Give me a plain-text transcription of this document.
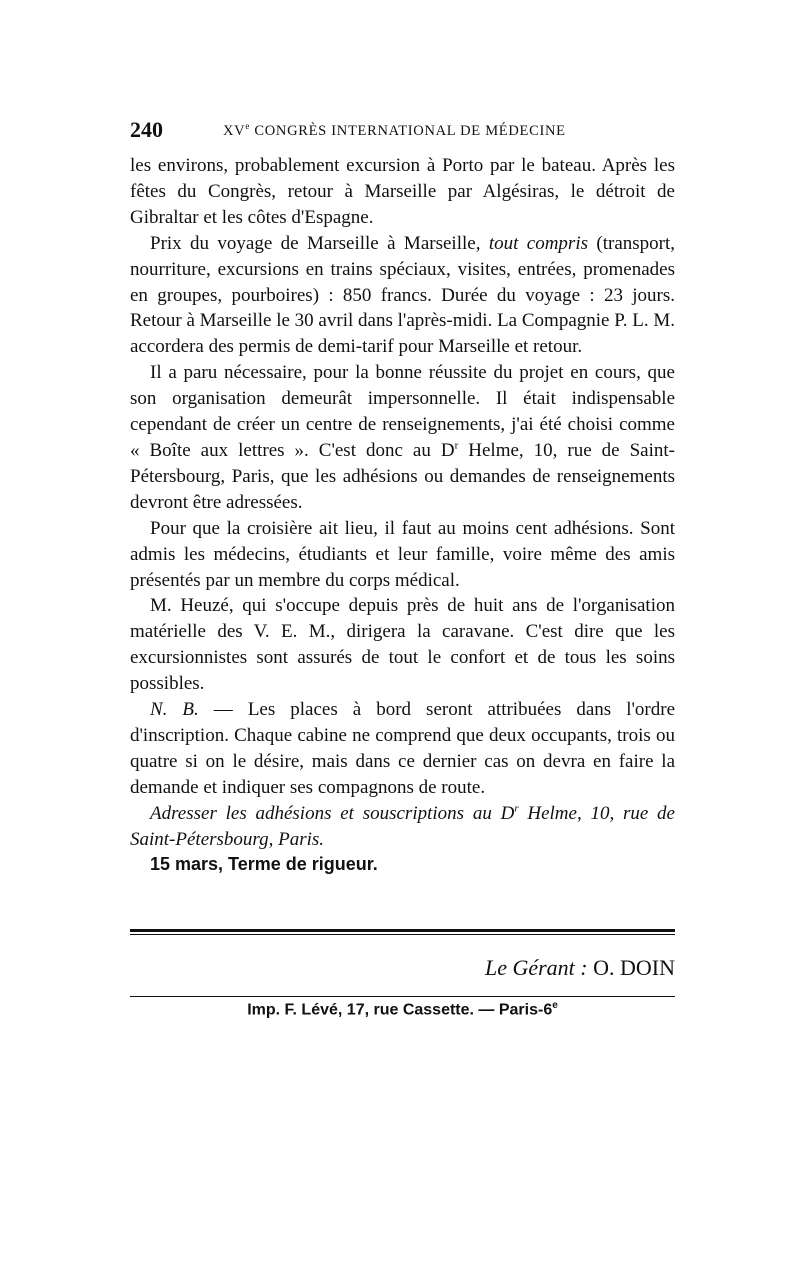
240	XVe CONGRÈS INTERNATIONAL DE MÉDECINE

les environs, probablement excursion à Porto par le bateau. Après les fêtes du Congrès, retour à Marseille par Algésiras, le détroit de Gibraltar et les côtes d'Espagne.

Prix du voyage de Marseille à Marseille, tout compris (transport, nourriture, excursions en trains spéciaux, visites, entrées, promenades en groupes, pourboires) : 850 francs. Durée du voyage : 23 jours. Retour à Marseille le 30 avril dans l'après-midi. La Compagnie P. L. M. accordera des permis de demi-tarif pour Marseille et retour.

Il a paru nécessaire, pour la bonne réussite du projet en cours, que son organisation demeurât impersonnelle. Il était indispensable cependant de créer un centre de renseignements, j'ai été choisi comme « Boîte aux lettres ». C'est donc au $D^r$ Helme, 10, rue de Saint-Pétersbourg, Paris, que les adhésions ou demandes de renseignements devront être adressées.

Pour que la croisière ait lieu, il faut au moins cent adhésions. Sont admis les médecins, étudiants et leur famille, voire même des amis présentés par un membre du corps médical.

M. Heuzé, qui s'occupe depuis près de huit ans de l'organisation matérielle des V. E. M., dirigera la caravane. C'est dire que les excursionnistes sont assurés de tout le confort et de tous les soins possibles.

N. B. — Les places à bord seront attribuées dans l'ordre d'inscription. Chaque cabine ne comprend que deux occupants, trois ou quatre si on le désire, mais dans ce dernier cas on devra en faire la demande et indiquer ses compagnons de route.

Adresser les adhésions et souscriptions au $D^r$ Helme, 10, rue de Saint-Pétersbourg, Paris.

15 mars, Terme de rigueur.

Le Gérant : O. DOIN
Imp. F. Lévé, 17, rue Cassette. — Paris-6e
